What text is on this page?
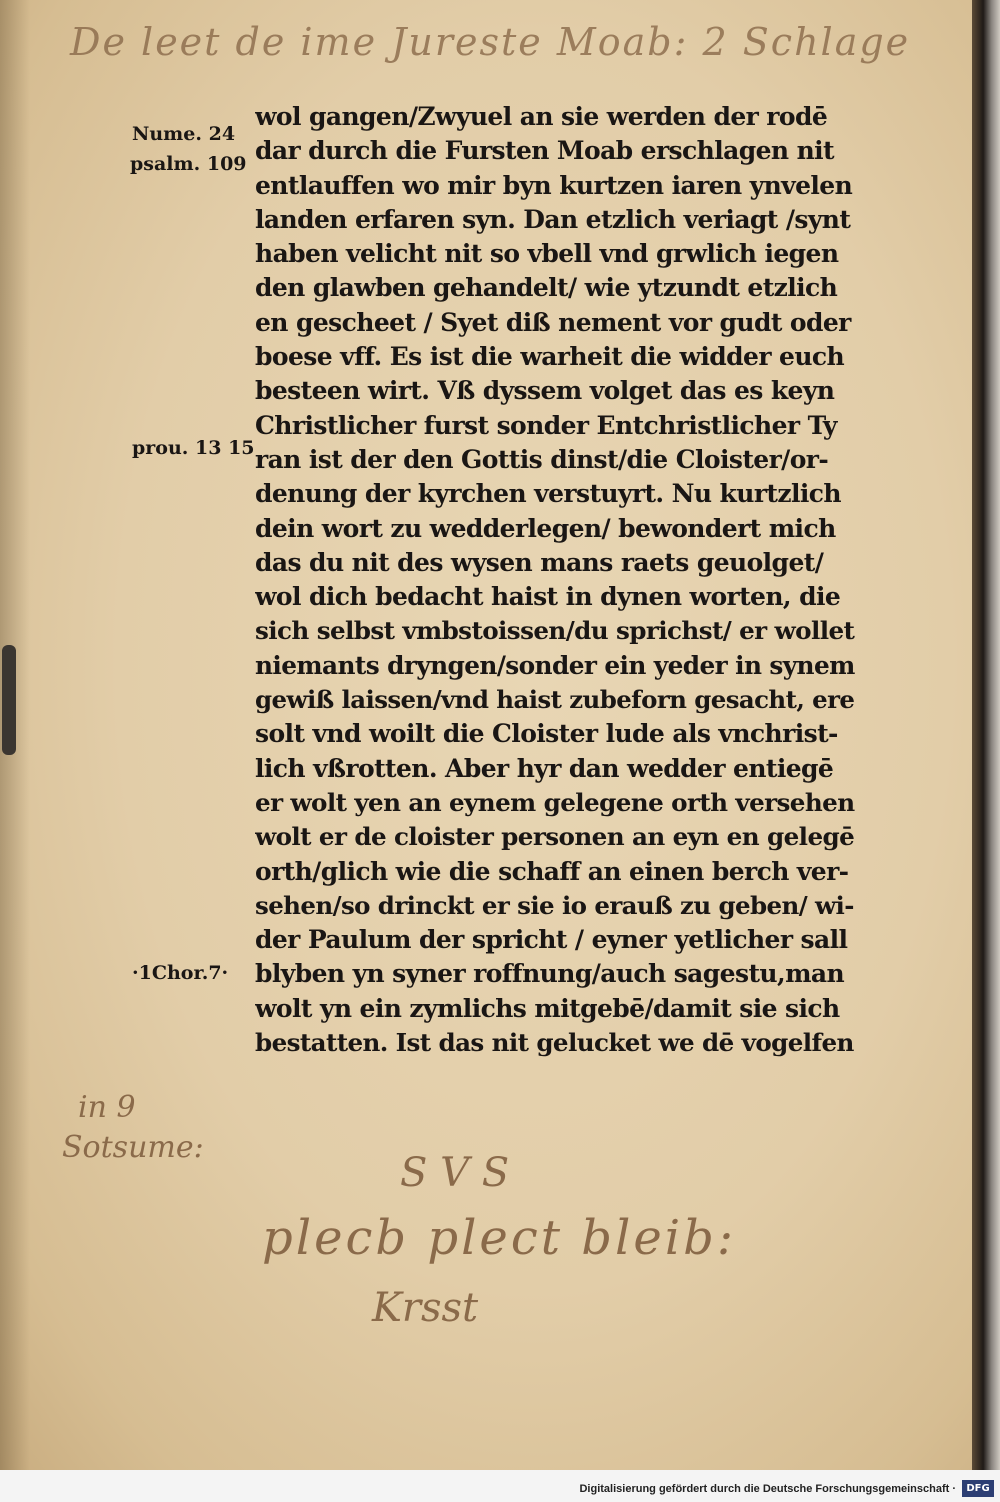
De leet de ime Jureste Moab: 2 Schlage
Nume. 24
psalm. 109
prou. 13 15
·1Chor.7·
wol gangen/Zwyuel an sie werden der rodē
dar durch die Fursten Moab erschlagen nit
entlauffen wo mir byn kurtzen iaren ynvelen
landen erfaren syn. Dan etzlich veriagt /synt
haben velicht nit so vbell vnd grwlich iegen
den glawben gehandelt/ wie ytzundt etzlich
en gescheet / Syet diß nement vor gudt oder
boese vff. Es ist die warheit die widder euch
besteen wirt. Vß dyssem volget das es keyn
Christlicher furst sonder Entchristlicher Ty
ran ist der den Gottis dinst/die Cloister/or-
denung der kyrchen verstuyrt. Nu kurtzlich
dein wort zu wedderlegen/ bewondert mich
das du nit des wysen mans raets geuolget/
wol dich bedacht haist in dynen worten, die
sich selbst vmbstoissen/du sprichst/ er wollet
niemants dryngen/sonder ein yeder in synem
gewiß laissen/vnd haist zubeforn gesacht, ere
solt vnd woilt die Cloister lude als vnchrist-
lich vßrotten. Aber hyr dan wedder entiegē
er wolt yen an eynem gelegene orth versehen
wolt er de cloister personen an eyn en gelegē
orth/glich wie die schaff an einen berch ver-
sehen/so drinckt er sie io erauß zu geben/ wi-
der Paulum der spricht / eyner yetlicher sall
blyben yn syner roffnung/auch sagestu,man
wolt yn ein zymlichs mitgebē/damit sie sich
bestatten. Ist das nit gelucket we dē vogelfen
in 9
Sotsume:
S V S
plecb plect bleib:
Krsst
Digitalisierung gefördert durch die Deutsche Forschungsgemeinschaft ·	DFG
